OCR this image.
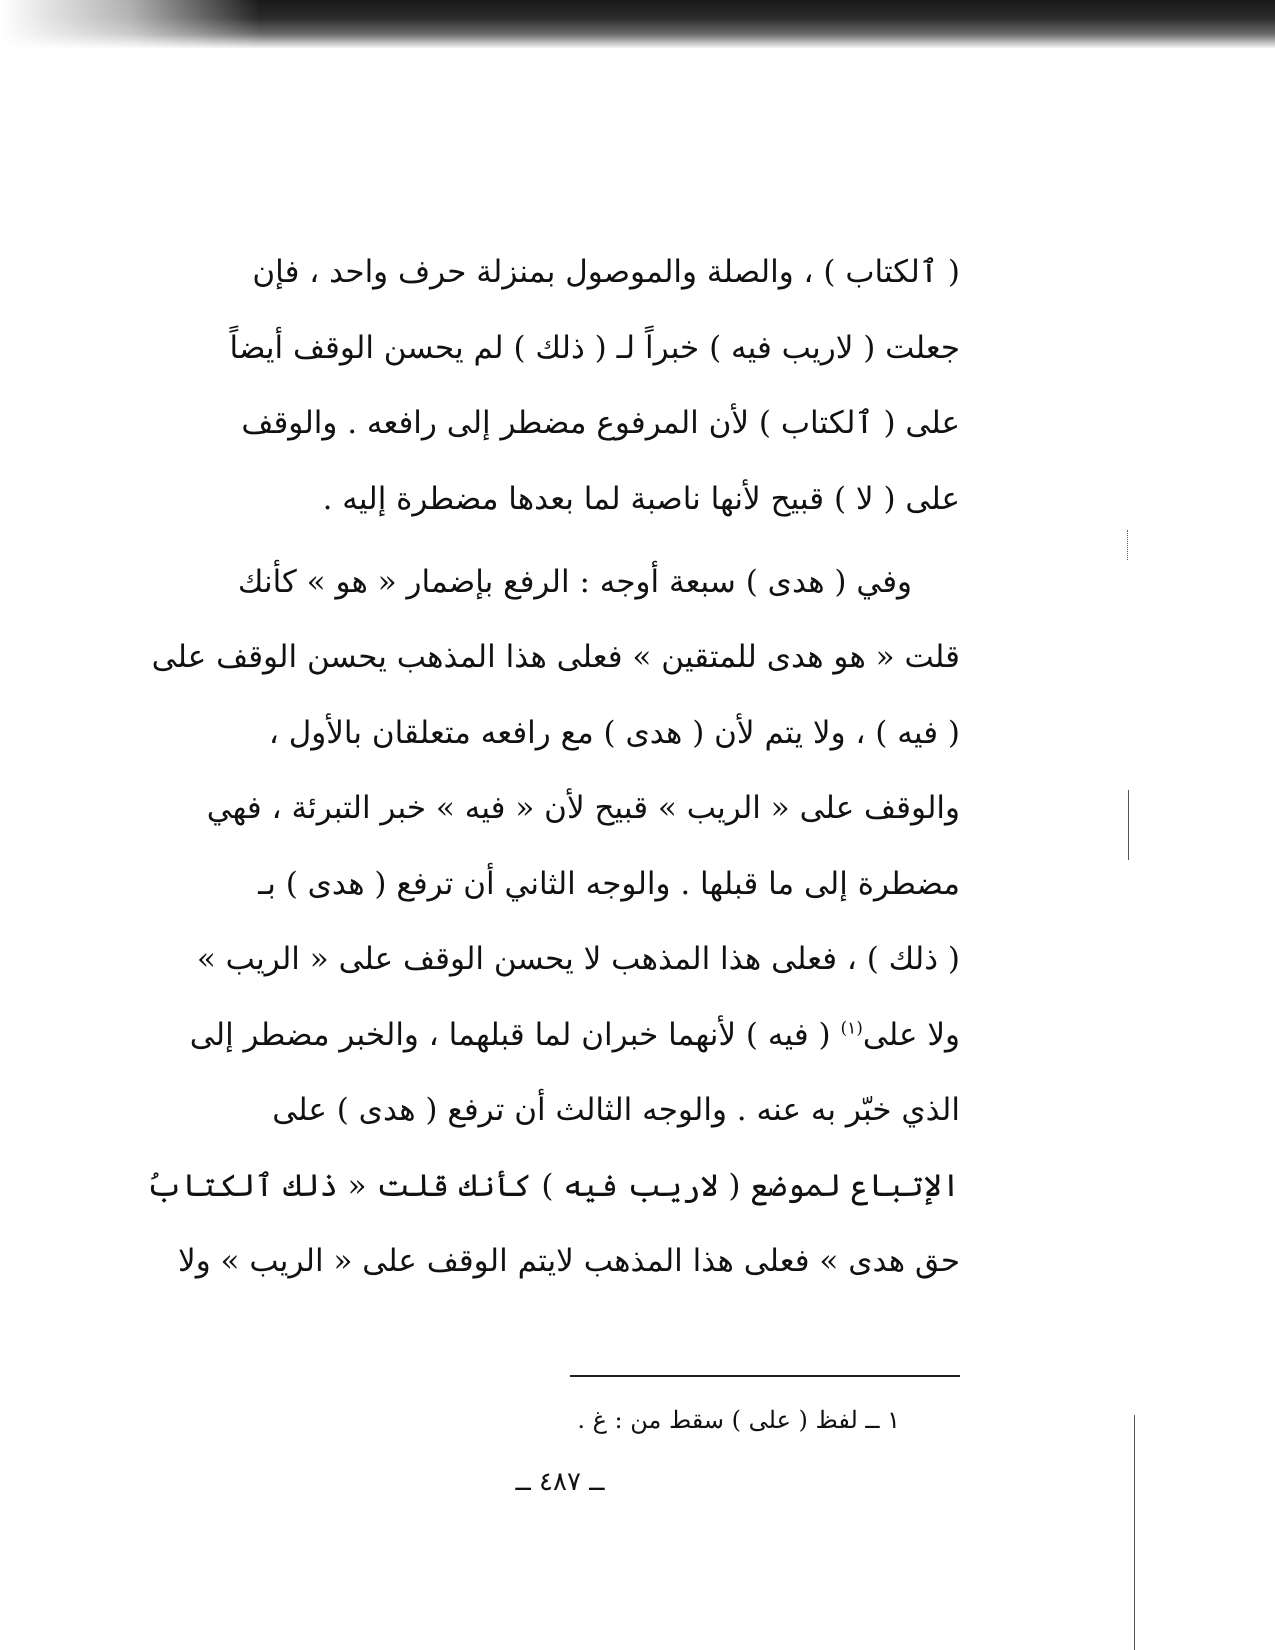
( ٱلكتاب ) ، والصلة والموصول بمنزلة حرف واحد ، فإن
جعلت ( لاريب فيه ) خبراً لـ ( ذلك ) لم يحسن الوقف أيضاً
على ( ٱلكتاب ) لأن المرفوع مضطر إلى رافعه . والوقف
على ( لا ) قبيح لأنها ناصبة لما بعدها مضطرة إليه .
وفي ( هدى ) سبعة أوجه : الرفع بإضمار « هو » كأنك
قلت « هو هدى للمتقين » فعلى هذا المذهب يحسن الوقف على
( فيه ) ، ولا يتم لأن ( هدى ) مع رافعه متعلقان بالأول ،
والوقف على « الريب » قبيح لأن « فيه » خبر التبرئة ، فهي
مضطرة إلى ما قبلها . والوجه الثاني أن ترفع ( هدى ) بـ
( ذلك ) ، فعلى هذا المذهب لا يحسن الوقف على « الريب »
ولا على$^{(١)}$ ( فيه ) لأنهما خبران لما قبلهما ، والخبر مضطر إلى
الذي خبّر به عنه . والوجه الثالث أن ترفع ( هدى ) على
الإتباع لموضع ( لاريب فيه ) كأنك قلت « ذلك ٱلكتابُ
حق هدى » فعلى هذا المذهب لايتم الوقف على « الريب » ولا
١ ــ لفظ ( على ) سقط من : غ .
ــ ٤٨٧ ــ
